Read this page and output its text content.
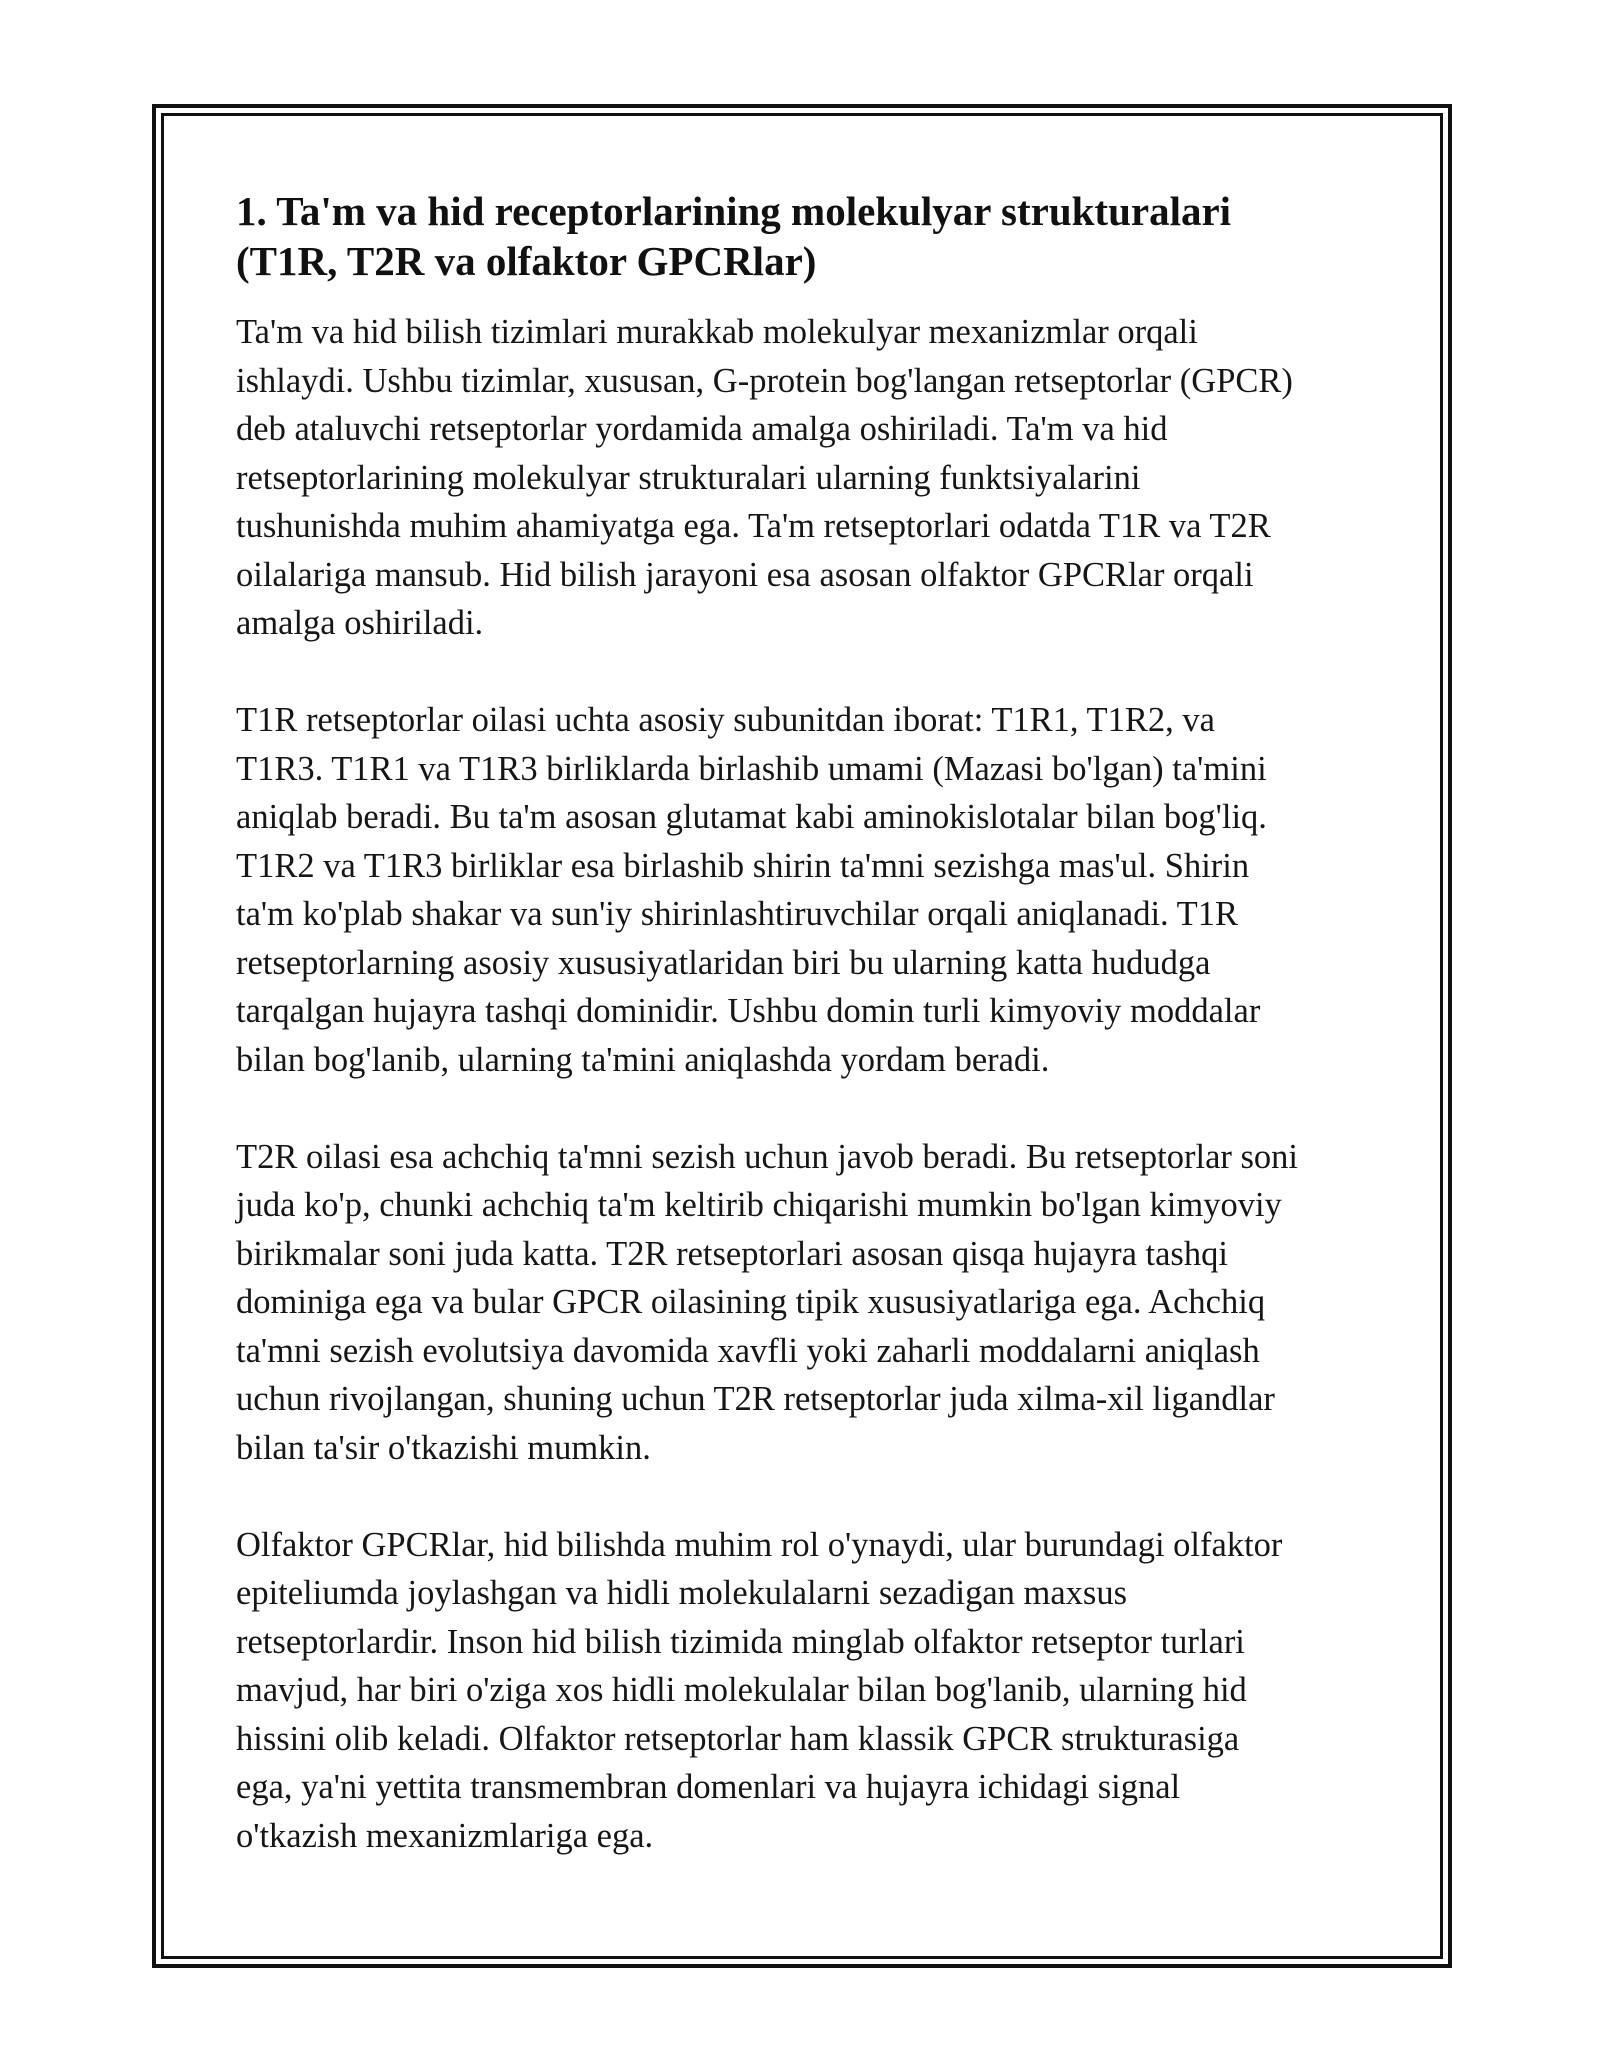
1. Ta'm va hid receptorlarining molekulyar strukturalari
(T1R, T2R va olfaktor GPCRlar)

Ta'm va hid bilish tizimlari murakkab molekulyar mexanizmlar orqali
ishlaydi. Ushbu tizimlar, xususan, G-protein bog'langan retseptorlar (GPCR)
deb ataluvchi retseptorlar yordamida amalga oshiriladi. Ta'm va hid
retseptorlarining molekulyar strukturalari ularning funktsiyalarini
tushunishda muhim ahamiyatga ega. Ta'm retseptorlari odatda T1R va T2R
oilalariga mansub. Hid bilish jarayoni esa asosan olfaktor GPCRlar orqali
amalga oshiriladi.

T1R retseptorlar oilasi uchta asosiy subunitdan iborat: T1R1, T1R2, va
T1R3. T1R1 va T1R3 birliklarda birlashib umami (Mazasi bo'lgan) ta'mini
aniqlab beradi. Bu ta'm asosan glutamat kabi aminokislotalar bilan bog'liq.
T1R2 va T1R3 birliklar esa birlashib shirin ta'mni sezishga mas'ul. Shirin
ta'm ko'plab shakar va sun'iy shirinlashtiruvchilar orqali aniqlanadi. T1R
retseptorlarning asosiy xususiyatlaridan biri bu ularning katta hududga
tarqalgan hujayra tashqi dominidir. Ushbu domin turli kimyoviy moddalar
bilan bog'lanib, ularning ta'mini aniqlashda yordam beradi.

T2R oilasi esa achchiq ta'mni sezish uchun javob beradi. Bu retseptorlar soni
juda ko'p, chunki achchiq ta'm keltirib chiqarishi mumkin bo'lgan kimyoviy
birikmalar soni juda katta. T2R retseptorlari asosan qisqa hujayra tashqi
dominiga ega va bular GPCR oilasining tipik xususiyatlariga ega. Achchiq
ta'mni sezish evolutsiya davomida xavfli yoki zaharli moddalarni aniqlash
uchun rivojlangan, shuning uchun T2R retseptorlar juda xilma-xil ligandlar
bilan ta'sir o'tkazishi mumkin.

Olfaktor GPCRlar, hid bilishda muhim rol o'ynaydi, ular burundagi olfaktor
epiteliumda joylashgan va hidli molekulalarni sezadigan maxsus
retseptorlardir. Inson hid bilish tizimida minglab olfaktor retseptor turlari
mavjud, har biri o'ziga xos hidli molekulalar bilan bog'lanib, ularning hid
hissini olib keladi. Olfaktor retseptorlar ham klassik GPCR strukturasiga
ega, ya'ni yettita transmembran domenlari va hujayra ichidagi signal
o'tkazish mexanizmlariga ega.
